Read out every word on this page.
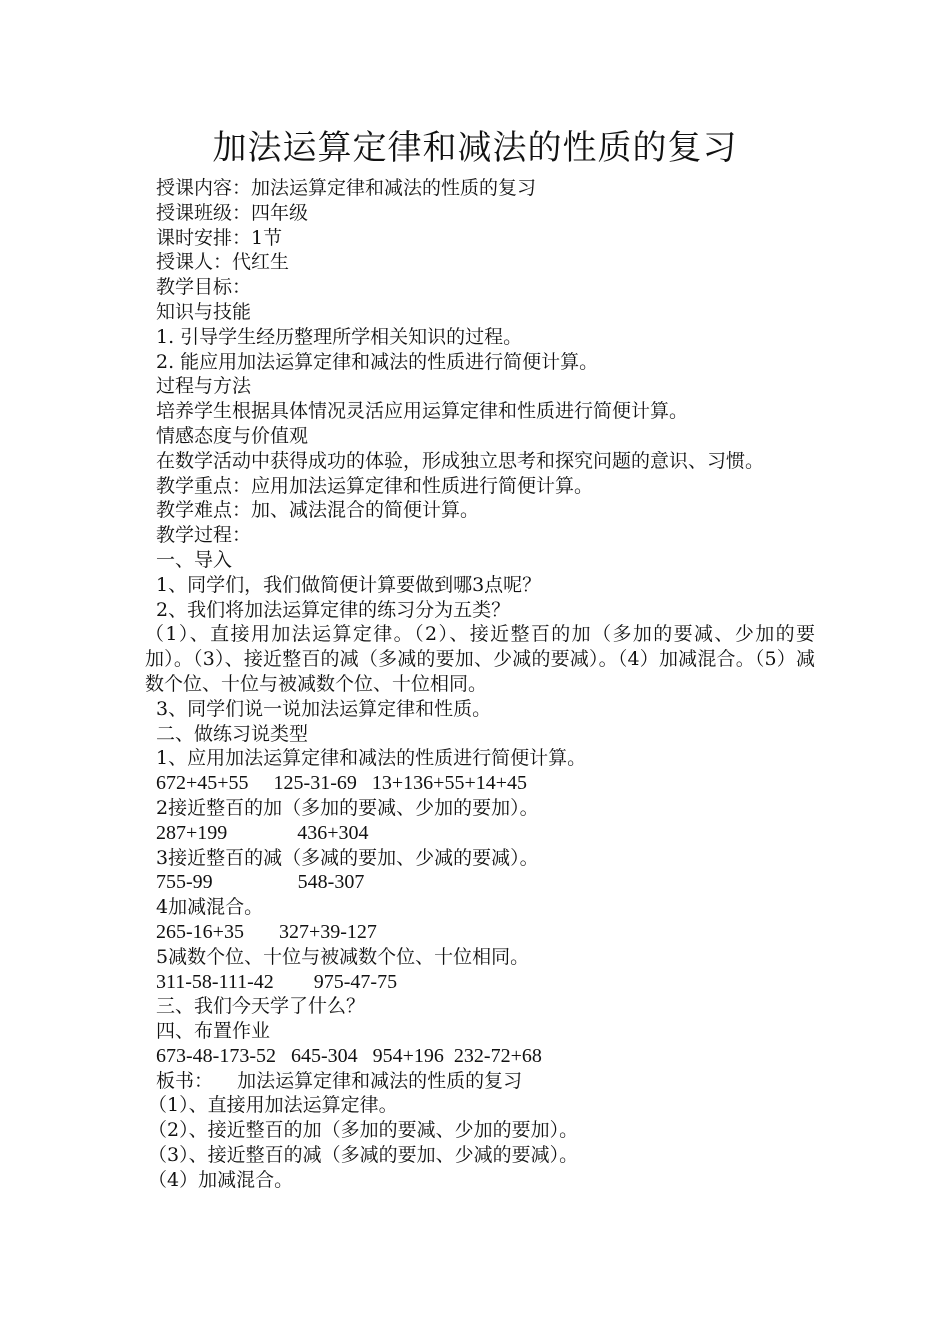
加法运算定律和减法的性质的复习
授课内容：加法运算定律和减法的性质的复习
授课班级：四年级
课时安排：1节
授课人：代红生
教学目标：
知识与技能
1. 引导学生经历整理所学相关知识的过程。
2. 能应用加法运算定律和减法的性质进行简便计算。
过程与方法
培养学生根据具体情况灵活应用运算定律和性质进行简便计算。
情感态度与价值观
在数学活动中获得成功的体验，形成独立思考和探究问题的意识、习惯。
教学重点：应用加法运算定律和性质进行简便计算。
教学难点：加、减法混合的简便计算。
教学过程：
一、导入
1、同学们，我们做简便计算要做到哪3点呢？
2、我们将加法运算定律的练习分为五类？
（1）、直接用加法运算定律。（2）、接近整百的加（多加的要减、少加的要加）。（3）、接近整百的减（多减的要加、少减的要减）。（4）加减混合。（5）减数个位、十位与被减数个位、十位相同。
3、同学们说一说加法运算定律和性质。
二、做练习说类型
1、应用加法运算定律和减法的性质进行简便计算。
672+45+55     125-31-69   13+136+55+14+45
2接近整百的加（多加的要减、少加的要加）。
287+199              436+304
3接近整百的减（多减的要加、少减的要减）。
755-99                 548-307
4加减混合。
265-16+35       327+39-127
5减数个位、十位与被减数个位、十位相同。
311-58-111-42        975-47-75
三、我们今天学了什么？
四、布置作业
673-48-173-52   645-304   954+196  232-72+68
板书：    加法运算定律和减法的性质的复习
（1）、直接用加法运算定律。
（2）、接近整百的加（多加的要减、少加的要加）。
（3）、接近整百的减（多减的要加、少减的要减）。
（4）加减混合。
